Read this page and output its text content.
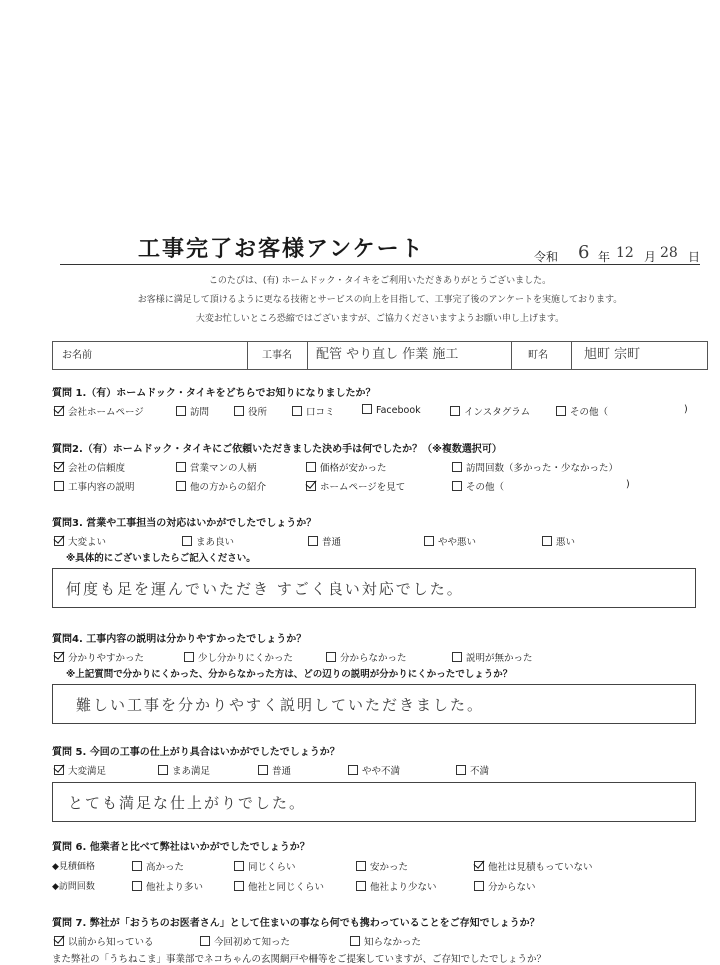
工事完了お客様アンケート	令和 6 年 12 月 28 日
このたびは、(有) ホームドック・タイキをご利用いただきありがとうございました。
お客様に満足して頂けるように更なる技術とサービスの向上を目指して、工事完了後のアンケートを実施しております。
大変お忙しいところ恐縮ではございますが、ご協力くださいますようお願い申し上げます。
お名前	工事名 配管 やり直し 作業 施工	町名	旭町 宗町
質問 1.（有）ホームドック・タイキをどちらでお知りになりましたか？
会社ホームページ	訪問	役所	口コミ	Facebook	インスタグラム	その他（	)
質問2.（有）ホームドック・タイキにご依頼いただきました決め手は何でしたか？（※複数選択可）
会社の信頼度	営業マンの人柄	価格が安かった	訪問回数（多かった・少なかった）
工事内容の説明	他の方からの紹介	ホームページを見て	その他（	)
質問3. 営業や工事担当の対応はいかがでしたでしょうか？
大変よい	まあ良い	普通	やや悪い	悪い
※具体的にございましたらご記入ください。
何度も足を運んでいただき すごく良い対応でした。
質問4. 工事内容の説明は分かりやすかったでしょうか？
分かりやすかった	少し分かりにくかった	分からなかった	説明が無かった
※上記質問で分かりにくかった、分からなかった方は、どの辺りの説明が分かりにくかったでしょうか？
難しい工事を分かりやすく説明していただきました。
質問 5. 今回の工事の仕上がり具合はいかがでしたでしょうか？
大変満足	まあ満足	普通	やや不満	不満
とても満足な仕上がりでした。
質問 6. 他業者と比べて弊社はいかがでしたでしょうか？
◆見積価格	高かった	同じくらい	安かった	他社は見積もっていない
◆訪問回数	他社より多い	他社と同じくらい	他社より少ない	分からない
質問 7. 弊社が「おうちのお医者さん」として住まいの事なら何でも携わっていることをご存知でしょうか？
以前から知っている	今回初めて知った	知らなかった
また弊社の「うちねこま」事業部でネコちゃんの玄関網戸や柵等をご提案していますが、ご存知でしたでしょうか？
